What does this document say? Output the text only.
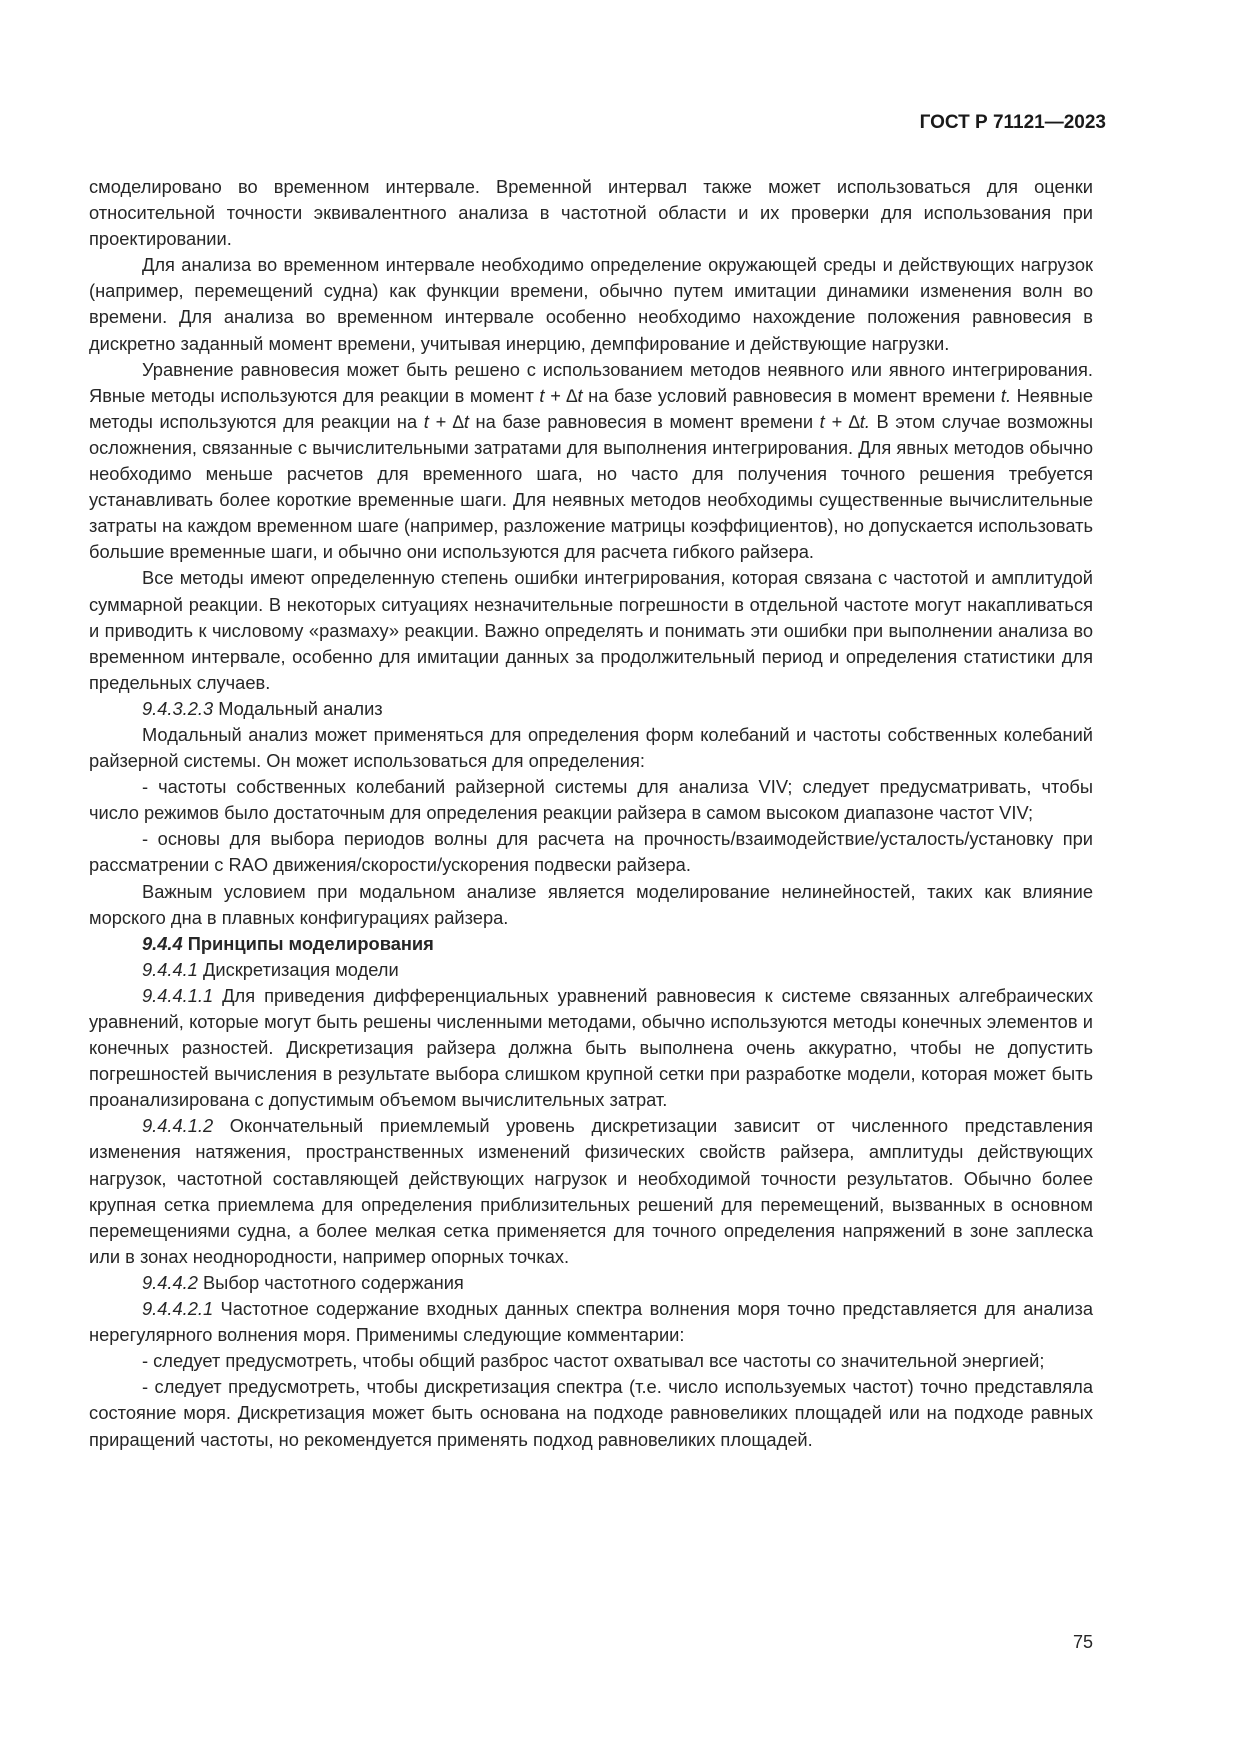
ГОСТ Р 71121—2023

смоделировано во временном интервале. Временной интервал также может использоваться для оценки относительной точности эквивалентного анализа в частотной области и их проверки для использования при проектировании.

Для анализа во временном интервале необходимо определение окружающей среды и действующих нагрузок (например, перемещений судна) как функции времени, обычно путем имитации динамики изменения волн во времени. Для анализа во временном интервале особенно необходимо нахождение положения равновесия в дискретно заданный момент времени, учитывая инерцию, демпфирование и действующие нагрузки.

Уравнение равновесия может быть решено с использованием методов неявного или явного интегрирования. Явные методы используются для реакции в момент t + ∆t на базе условий равновесия в момент времени t. Неявные методы используются для реакции на t + ∆t на базе равновесия в момент времени t + ∆t. В этом случае возможны осложнения, связанные с вычислительными затратами для выполнения интегрирования. Для явных методов обычно необходимо меньше расчетов для временного шага, но часто для получения точного решения требуется устанавливать более короткие временные шаги. Для неявных методов необходимы существенные вычислительные затраты на каждом временном шаге (например, разложение матрицы коэффициентов), но допускается использовать большие временные шаги, и обычно они используются для расчета гибкого райзера.

Все методы имеют определенную степень ошибки интегрирования, которая связана с частотой и амплитудой суммарной реакции. В некоторых ситуациях незначительные погрешности в отдельной частоте могут накапливаться и приводить к числовому «размаху» реакции. Важно определять и понимать эти ошибки при выполнении анализа во временном интервале, особенно для имитации данных за продолжительный период и определения статистики для предельных случаев.

9.4.3.2.3 Модальный анализ

Модальный анализ может применяться для определения форм колебаний и частоты собственных колебаний райзерной системы. Он может использоваться для определения:

- частоты собственных колебаний райзерной системы для анализа VIV; следует предусматривать, чтобы число режимов было достаточным для определения реакции райзера в самом высоком диапазоне частот VIV;

- основы для выбора периодов волны для расчета на прочность/взаимодействие/усталость/установку при рассматрении с RAO движения/скорости/ускорения подвески райзера.

Важным условием при модальном анализе является моделирование нелинейностей, таких как влияние морского дна в плавных конфигурациях райзера.

9.4.4 Принципы моделирования

9.4.4.1 Дискретизация модели

9.4.4.1.1 Для приведения дифференциальных уравнений равновесия к системе связанных алгебраических уравнений, которые могут быть решены численными методами, обычно используются методы конечных элементов и конечных разностей. Дискретизация райзера должна быть выполнена очень аккуратно, чтобы не допустить погрешностей вычисления в результате выбора слишком крупной сетки при разработке модели, которая может быть проанализирована с допустимым объемом вычислительных затрат.

9.4.4.1.2 Окончательный приемлемый уровень дискретизации зависит от численного представления изменения натяжения, пространственных изменений физических свойств райзера, амплитуды действующих нагрузок, частотной составляющей действующих нагрузок и необходимой точности результатов. Обычно более крупная сетка приемлема для определения приблизительных решений для перемещений, вызванных в основном перемещениями судна, а более мелкая сетка применяется для точного определения напряжений в зоне заплеска или в зонах неоднородности, например опорных точках.

9.4.4.2 Выбор частотного содержания

9.4.4.2.1 Частотное содержание входных данных спектра волнения моря точно представляется для анализа нерегулярного волнения моря. Применимы следующие комментарии:

- следует предусмотреть, чтобы общий разброс частот охватывал все частоты со значительной энергией;

- следует предусмотреть, чтобы дискретизация спектра (т.е. число используемых частот) точно представляла состояние моря. Дискретизация может быть основана на подходе равновеликих площадей или на подходе равных приращений частоты, но рекомендуется применять подход равновеликих площадей.

75
